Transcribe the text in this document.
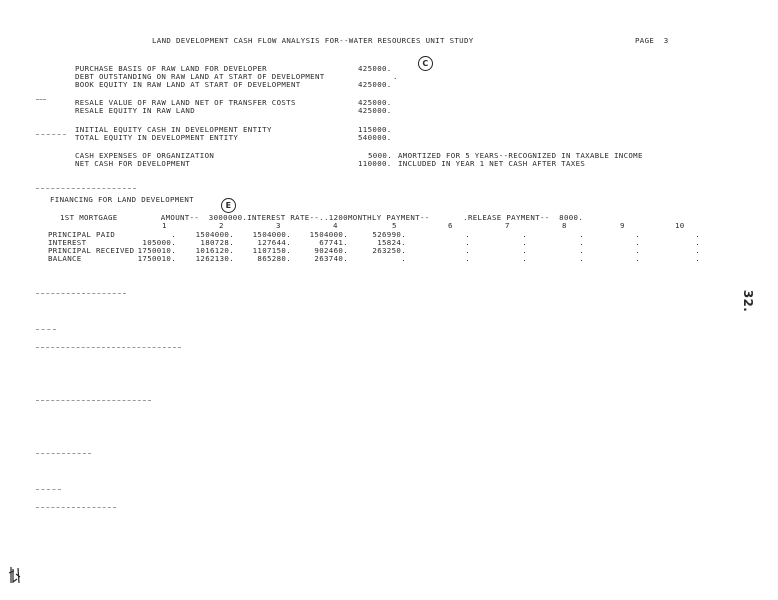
LAND DEVELOPMENT CASH FLOW ANALYSIS FOR--WATER RESOURCES UNIT STUDY	PAGE  3
C
PURCHASE BASIS OF RAW LAND FOR DEVELOPER	425000.
DEBT OUTSTANDING ON RAW LAND AT START OF DEVELOPMENT	.
BOOK EQUITY IN RAW LAND AT START OF DEVELOPMENT	425000.
RESALE VALUE OF RAW LAND NET OF TRANSFER COSTS	425000.
RESALE EQUITY IN RAW LAND	425000.
INITIAL EQUITY CASH IN DEVELOPMENT ENTITY	115000.
TOTAL EQUITY IN DEVELOPMENT ENTITY	540000.
CASH EXPENSES OF ORGANIZATION	5000. AMORTIZED FOR 5 YEARS--RECOGNIZED IN TAXABLE INCOME
NET CASH FOR DEVELOPMENT	110000. INCLUDED IN YEAR 1 NET CASH AFTER TAXES
E
FINANCING FOR LAND DEVELOPMENT
1ST MORTGAGE         AMOUNT--  3000000.INTEREST RATE--..1200MONTHLY PAYMENT--       .RELEASE PAYMENT--  8000.
1	2	3	4	5	6	7	8	9	10
PRINCIPAL PAID	.	1504000.	1504000.	1504000.	526990.	.	.	.	.	.
INTEREST	105000.	180728.	127644.	67741.	15824.	.	.	.	.	.
PRINCIPAL RECEIVED 1750010.	1016120.	1107150.	902460.	263250.	.	.	.	.	.
BALANCE	1750010.	1262130.	865280.	263740.	.	.	.	.	.	.
32.
